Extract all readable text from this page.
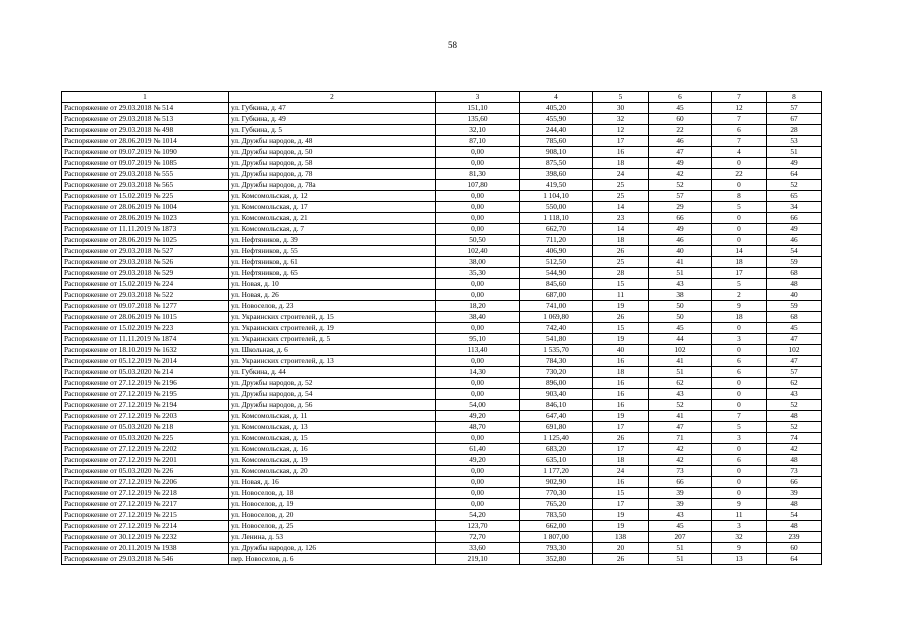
58
1	2	3	4	5	6	7	8
Распоряжение от 29.03.2018 № 514	ул. Губкина, д. 47	151,10	405,20	30	45	12	57
Распоряжение от 29.03.2018 № 513	ул. Губкина, д. 49	135,60	455,90	32	60	7	67
Распоряжение от 29.03.2018 № 498	ул. Губкина, д. 5	32,10	244,40	12	22	6	28
Распоряжение от 28.06.2019 № 1014	ул. Дружбы народов, д. 48	87,10	785,60	17	46	7	53
Распоряжение от 09.07.2019 № 1090	ул. Дружбы народов, д. 50	0,00	908,10	16	47	4	51
Распоряжение от 09.07.2019 № 1085	ул. Дружбы народов, д. 58	0,00	875,50	18	49	0	49
Распоряжение от 29.03.2018 № 555	ул. Дружбы народов, д. 78	81,30	398,60	24	42	22	64
Распоряжение от 29.03.2018 № 565	ул. Дружбы народов, д. 78а	107,80	419,50	25	52	0	52
Распоряжение от 15.02.2019 № 225	ул. Комсомольская, д. 12	0,00	1 104,10	25	57	8	65
Распоряжение от 28.06.2019 № 1004	ул. Комсомольская, д. 17	0,00	550,00	14	29	5	34
Распоряжение от 28.06.2019 № 1023	ул. Комсомольская, д. 21	0,00	1 118,10	23	66	0	66
Распоряжение от 11.11.2019 № 1873	ул. Комсомольская, д. 7	0,00	662,70	14	49	0	49
Распоряжение от 28.06.2019 № 1025	ул. Нефтяников, д. 39	50,50	711,20	18	46	0	46
Распоряжение от 29.03.2018 № 527	ул. Нефтяников, д. 55	102,40	406,90	26	40	14	54
Распоряжение от 29.03.2018 № 526	ул. Нефтяников, д. 61	38,00	512,50	25	41	18	59
Распоряжение от 29.03.2018 № 529	ул. Нефтяников, д. 65	35,30	544,90	28	51	17	68
Распоряжение от 15.02.2019 № 224	ул. Новая, д. 10	0,00	845,60	15	43	5	48
Распоряжение от 29.03.2018 № 522	ул. Новая, д. 26	0,00	687,00	11	38	2	40
Распоряжение от 09.07.2018 № 1277	ул. Новоселов, д. 23	18,20	741,00	19	50	9	59
Распоряжение от 28.06.2019 № 1015	ул. Украинских строителей, д. 15	38,40	1 069,80	26	50	18	68
Распоряжение от 15.02.2019 № 223	ул. Украинских строителей, д. 19	0,00	742,40	15	45	0	45
Распоряжение от 11.11.2019 № 1874	ул. Украинских строителей, д. 5	95,10	541,80	19	44	3	47
Распоряжение от 18.10.2019 № 1632	ул. Школьная, д. 6	113,40	1 535,70	40	102	0	102
Распоряжение от 05.12.2019 № 2014	ул. Украинских строителей, д. 13	0,00	784,30	16	41	6	47
Распоряжение от 05.03.2020 № 214	ул. Губкина, д. 44	14,30	730,20	18	51	6	57
Распоряжение от 27.12.2019 № 2196	ул. Дружбы народов, д. 52	0,00	896,00	16	62	0	62
Распоряжение от 27.12.2019 № 2195	ул. Дружбы народов, д. 54	0,00	903,40	16	43	0	43
Распоряжение от 27.12.2019 № 2194	ул. Дружбы народов, д. 56	54,00	846,10	16	52	0	52
Распоряжение от 27.12.2019 № 2203	ул. Комсомольская, д. 11	49,20	647,40	19	41	7	48
Распоряжение от 05.03.2020 № 218	ул. Комсомольская, д. 13	48,70	691,80	17	47	5	52
Распоряжение от 05.03.2020 № 225	ул. Комсомольская, д. 15	0,00	1 125,40	26	71	3	74
Распоряжение от 27.12.2019 № 2202	ул. Комсомольская, д. 16	61,40	683,20	17	42	0	42
Распоряжение от 27.12.2019 № 2201	ул. Комсомольская, д. 19	49,20	635,10	18	42	6	48
Распоряжение от 05.03.2020 № 226	ул. Комсомольская, д. 20	0,00	1 177,20	24	73	0	73
Распоряжение от 27.12.2019 № 2206	ул. Новая, д. 16	0,00	902,90	16	66	0	66
Распоряжение от 27.12.2019 № 2218	ул. Новоселов, д. 18	0,00	770,30	15	39	0	39
Распоряжение от 27.12.2019 № 2217	ул. Новоселов, д. 19	0,00	765,20	17	39	9	48
Распоряжение от 27.12.2019 № 2215	ул. Новоселов, д. 20	54,20	783,50	19	43	11	54
Распоряжение от 27.12.2019 № 2214	ул. Новоселов, д. 25	123,70	662,00	19	45	3	48
Распоряжение от 30.12.2019 № 2232	ул. Ленина, д. 53	72,70	1 807,00	138	207	32	239
Распоряжение от 20.11.2019 № 1938	ул. Дружбы народов, д. 126	33,60	793,30	20	51	9	60
Распоряжение от 29.03.2018 № 546	пер. Новоселов, д. 6	219,10	352,80	26	51	13	64
